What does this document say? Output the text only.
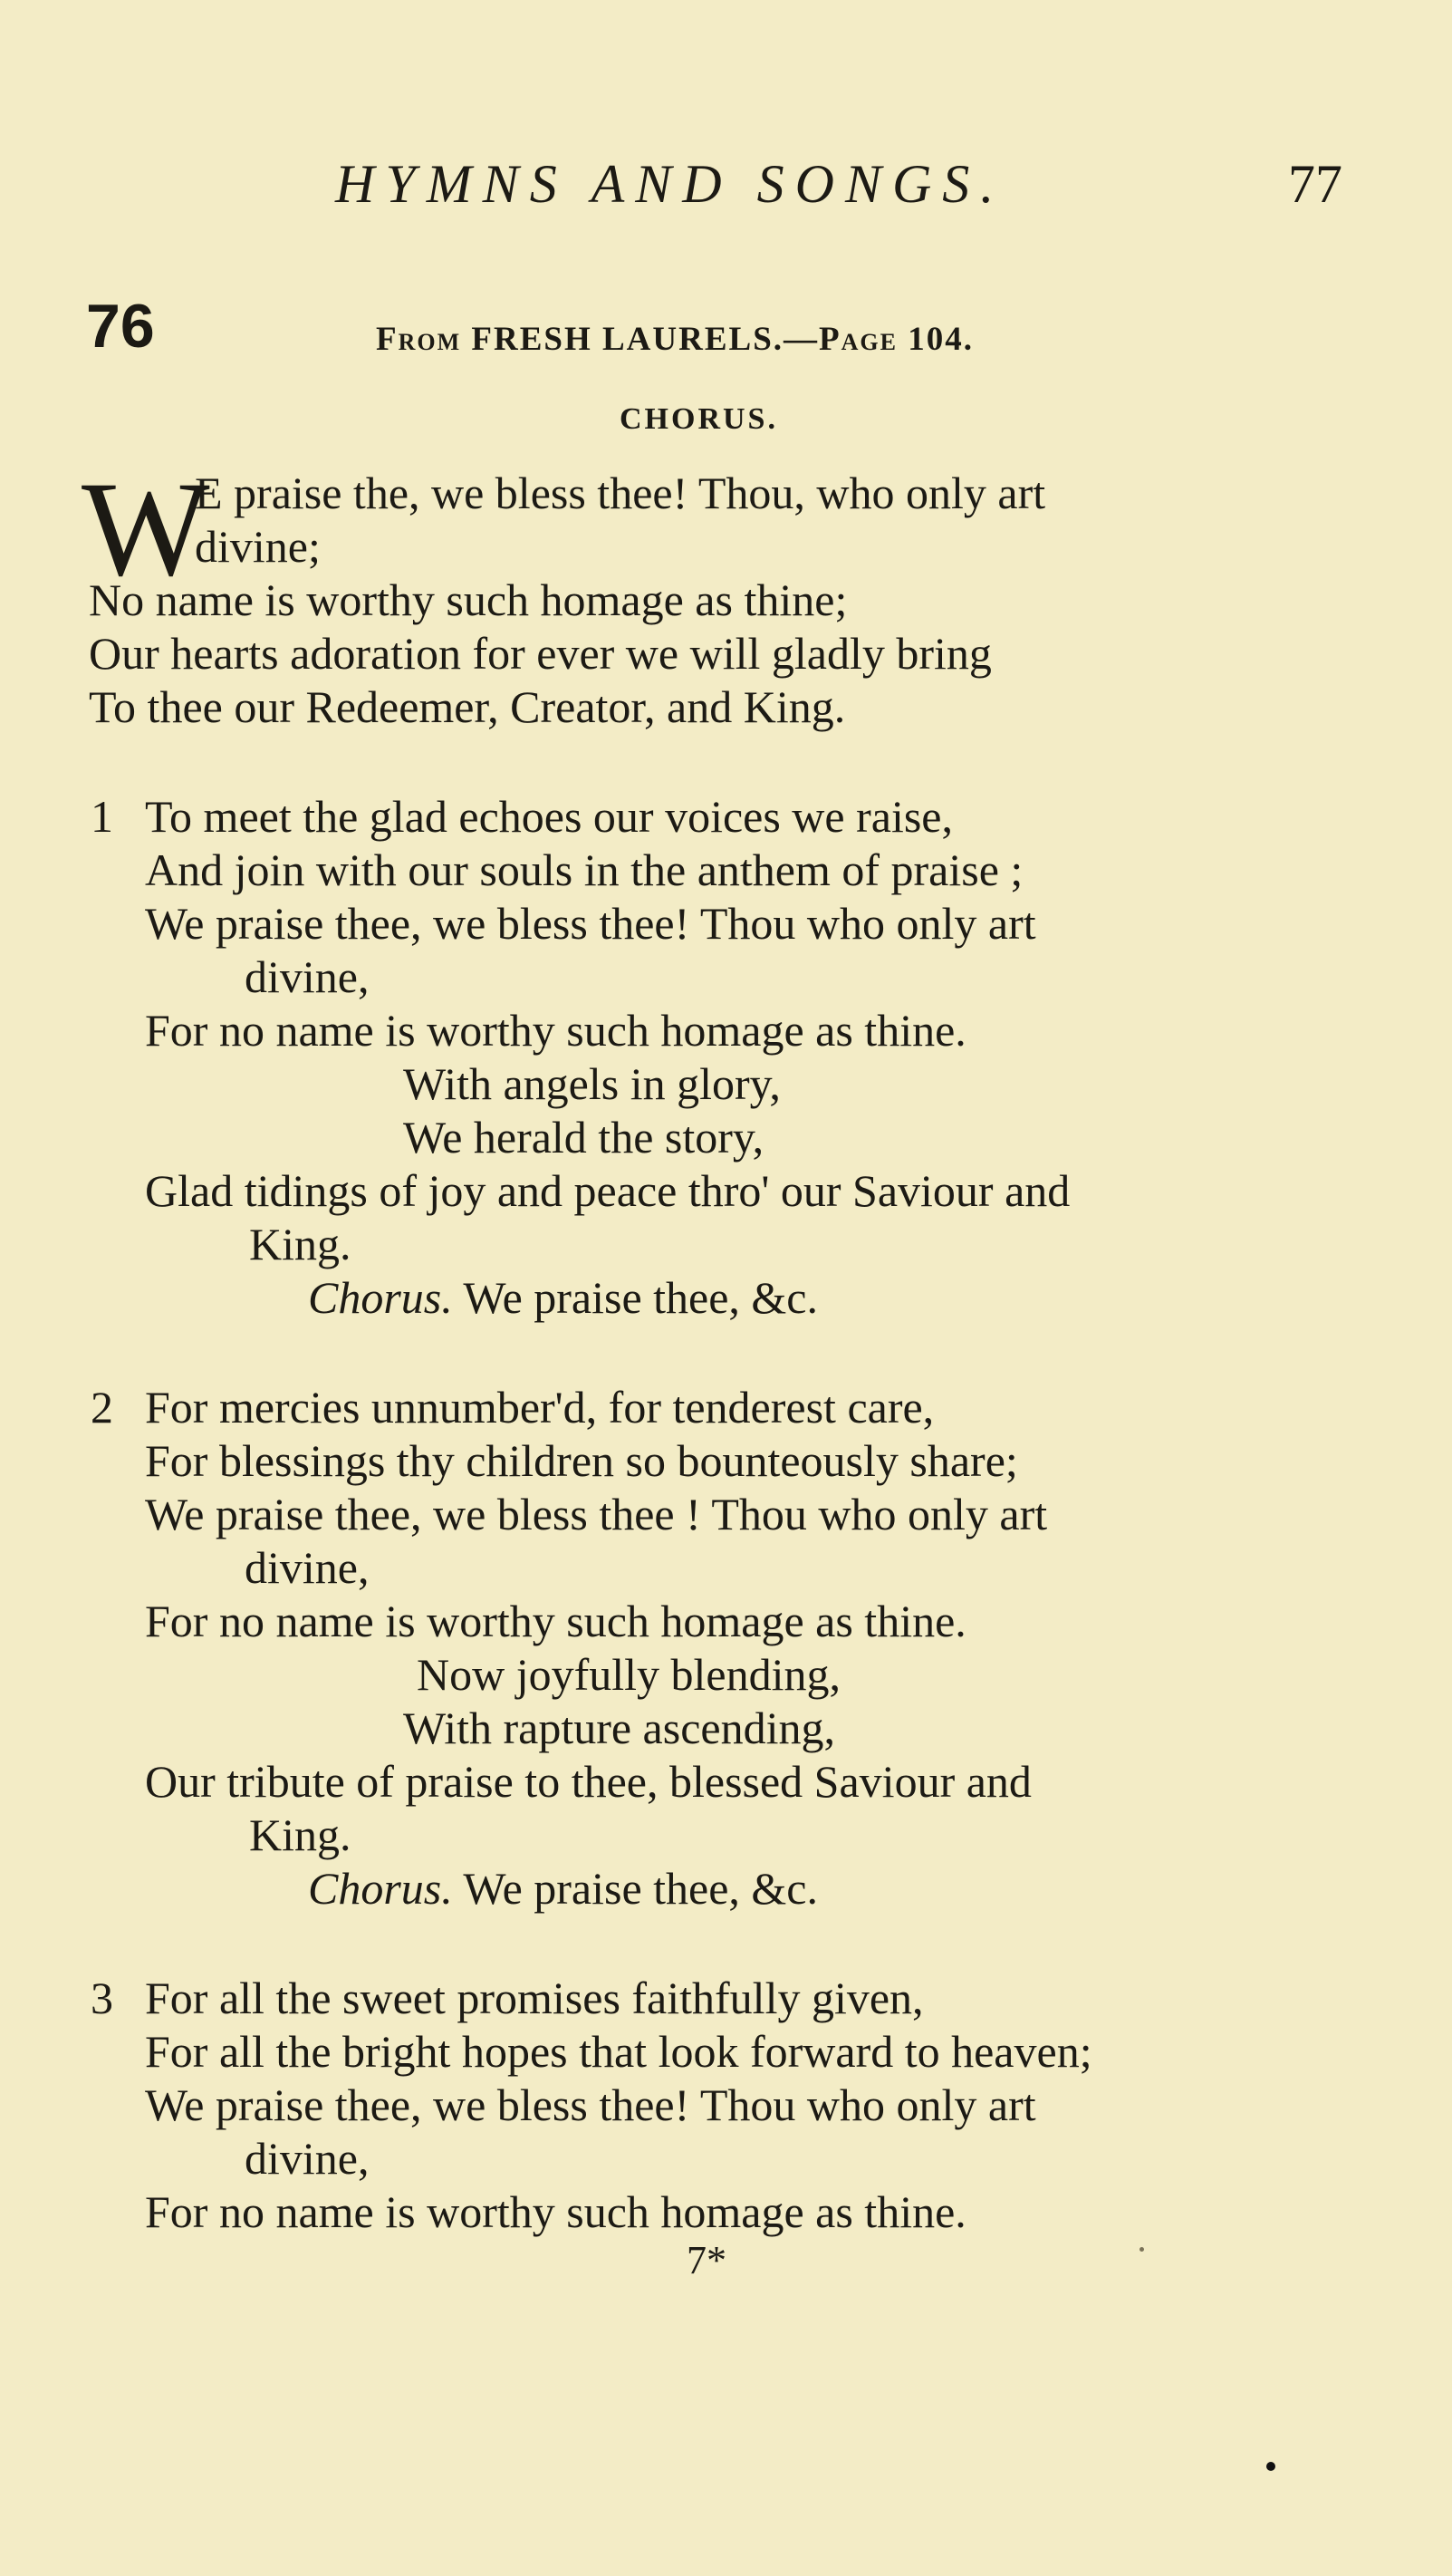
HYMNS AND SONGS.	77
76	From FRESH LAURELS.—Page 104.
CHORUS.
W
E praise the, we bless thee! Thou, who only art
divine;
No name is worthy such homage as thine;
Our hearts adoration for ever we will gladly bring
To thee our Redeemer, Creator, and King.
1 To meet the glad echoes our voices we raise,
And join with our souls in the anthem of praise ;
We praise thee, we bless thee! Thou who only art
divine,
For no name is worthy such homage as thine.
With angels in glory,
We herald the story,
Glad tidings of joy and peace thro' our Saviour and
King.
Chorus. We praise thee, &c.
2 For mercies unnumber'd, for tenderest care,
For blessings thy children so bounteously share;
We praise thee, we bless thee ! Thou who only art
divine,
For no name is worthy such homage as thine.
Now joyfully blending,
With rapture ascending,
Our tribute of praise to thee, blessed Saviour and
King.
Chorus. We praise thee, &c.
3 For all the sweet promises faithfully given,
For all the bright hopes that look forward to heaven;
We praise thee, we bless thee! Thou who only art
divine,
For no name is worthy such homage as thine.
7*
